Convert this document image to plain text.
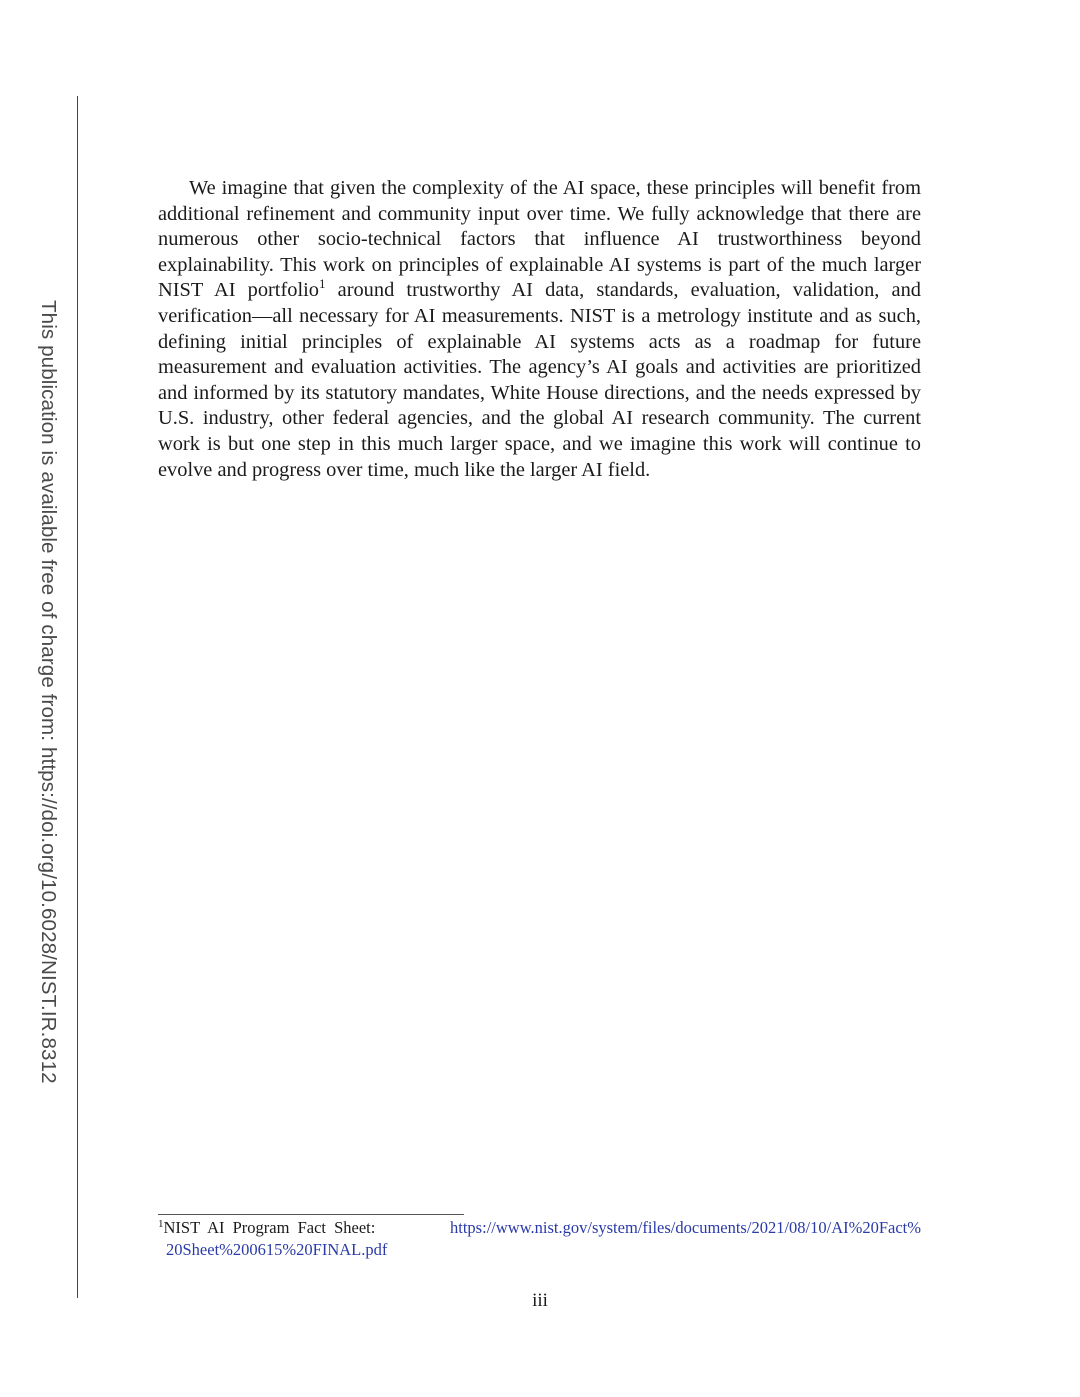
This publication is available free of charge from: https://doi.org/10.6028/NIST.IR.8312

We imagine that given the complexity of the AI space, these principles will benefit from additional refinement and community input over time. We fully acknowledge that there are numerous other socio-technical factors that influence AI trustworthiness beyond explainability. This work on principles of explainable AI systems is part of the much larger NIST AI portfolio$^1$ around trustworthy AI data, standards, evaluation, validation, and verification—all necessary for AI measurements. NIST is a metrology institute and as such, defining initial principles of explainable AI systems acts as a roadmap for future measurement and evaluation activities. The agency’s AI goals and activities are prioritized and informed by its statutory mandates, White House directions, and the needs expressed by U.S. industry, other federal agencies, and the global AI research community. The current work is but one step in this much larger space, and we imagine this work will continue to evolve and progress over time, much like the larger AI field.

$^1$NIST AI Program Fact Sheet:	https://www.nist.gov/system/files/documents/2021/08/10/AI%20Fact%
20Sheet%200615%20FINAL.pdf
iii
